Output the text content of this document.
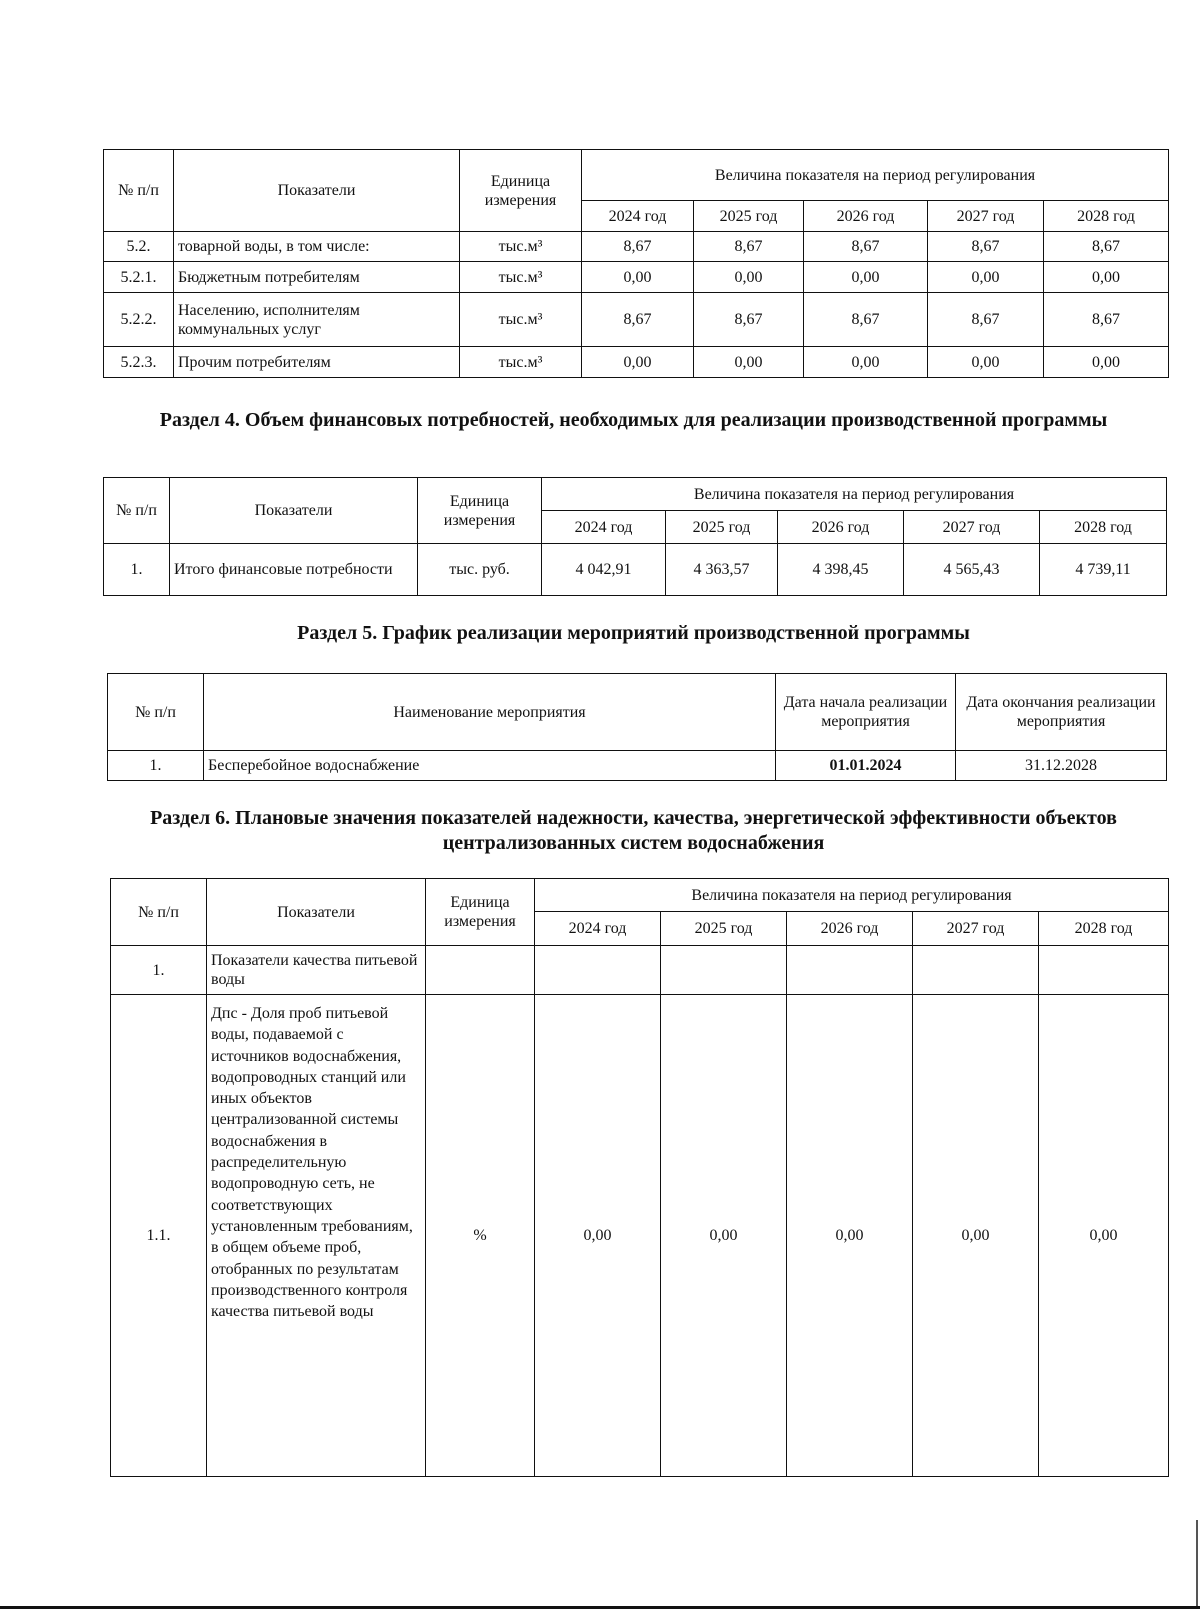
№ п/п	Показатели	Единица измерения	Величина показателя на период регулирования				
			2024 год	2025 год	2026 год	2027 год	2028 год
5.2.	товарной воды, в том числе:	тыс.м³	8,67	8,67	8,67	8,67	8,67
5.2.1.	Бюджетным потребителям	тыс.м³	0,00	0,00	0,00	0,00	0,00
5.2.2.	Населению, исполнителям коммунальных услуг	тыс.м³	8,67	8,67	8,67	8,67	8,67
5.2.3.	Прочим потребителям	тыс.м³	0,00	0,00	0,00	0,00	0,00
Раздел 4. Объем финансовых потребностей, необходимых для реализации производственной программы
№ п/п	Показатели	Единица измерения	Величина показателя на период регулирования				
			2024 год	2025 год	2026 год	2027 год	2028 год
1.	Итого финансовые потребности	тыс. руб.	4 042,91	4 363,57	4 398,45	4 565,43	4 739,11
Раздел 5. График реализации мероприятий производственной программы
№ п/п	Наименование мероприятия	Дата начала реализации мероприятия	Дата окончания реализации мероприятия
1.	Бесперебойное водоснабжение	01.01.2024	31.12.2028
Раздел 6. Плановые значения показателей надежности, качества, энергетической эффективности объектов централизованных систем водоснабжения
№ п/п	Показатели	Единица измерения	Величина показателя на период регулирования				
			2024 год	2025 год	2026 год	2027 год	2028 год
1.	Показатели качества питьевой воды						
1.1.	Дпс - Доля проб питьевой воды, подаваемой с источников водоснабжения, водопроводных станций или иных объектов централизованной системы водоснабжения в распределительную водопроводную сеть, не соответствующих установленным требованиям, в общем объеме проб, отобранных по результатам производственного контроля качества питьевой воды	%	0,00	0,00	0,00	0,00	0,00
